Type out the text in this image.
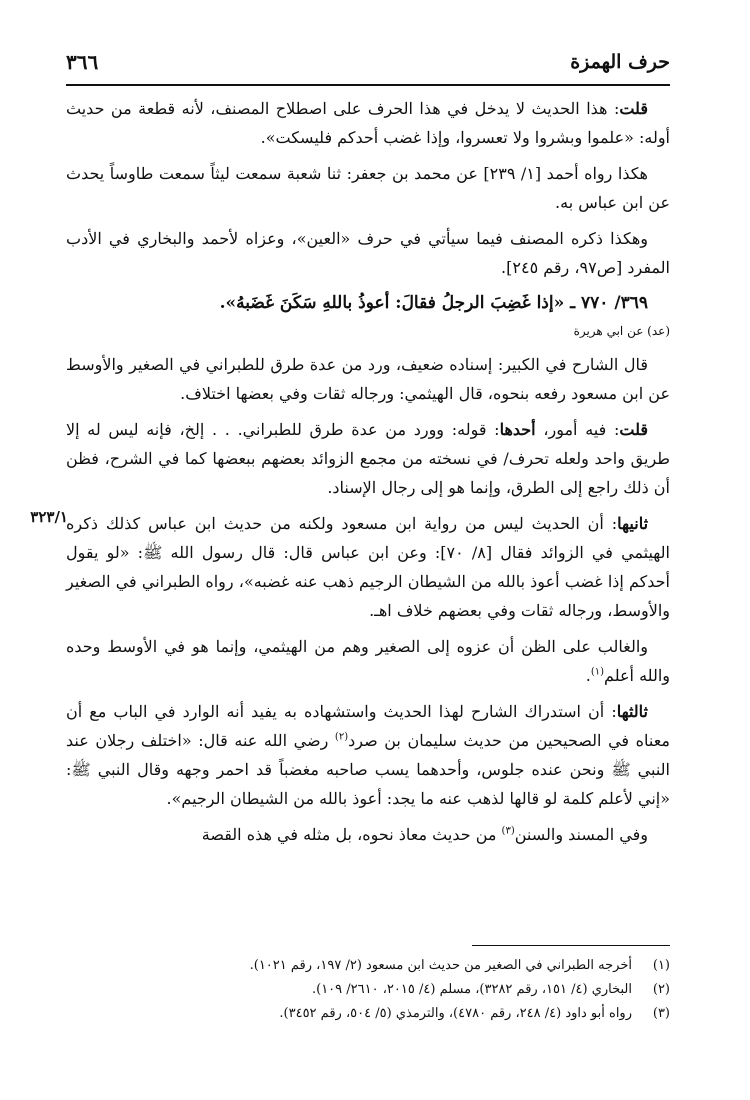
حرف الهمزة
٣٦٦
٣٢٣/١

قلت: هذا الحديث لا يدخل في هذا الحرف على اصطلاح المصنف، لأنه قطعة من حديث أوله: «علموا وبشروا ولا تعسروا، وإذا غضب أحدكم فليسكت».

هكذا رواه أحمد [١/ ٢٣٩] عن محمد بن جعفر: ثنا شعبة سمعت ليثاً سمعت طاوساً يحدث عن ابن عباس به.

وهكذا ذكره المصنف فيما سيأتي في حرف «العين»، وعزاه لأحمد والبخاري في الأدب المفرد [ص٩٧، رقم ٢٤٥].

٣٦٩/ ٧٧٠ ـ «إذا غَضِبَ الرجلُ فقالَ: أعوذُ باللهِ سَكَنَ غَضَبهُ».

(عد) عن ابي هريرة

قال الشارح في الكبير: إسناده ضعيف، ورد من عدة طرق للطبراني في الصغير والأوسط عن ابن مسعود رفعه بنحوه، قال الهيثمي: ورجاله ثقات وفي بعضها اختلاف.

قلت: فيه أمور، أحدها: قوله: وورد من عدة طرق للطبراني. . . إلخ، فإنه ليس له إلا طريق واحد ولعله تحرف/ في نسخته من مجمع الزوائد بعضهم ببعضها كما في الشرح، فظن أن ذلك راجع إلى الطرق، وإنما هو إلى رجال الإسناد.

ثانيها: أن الحديث ليس من رواية ابن مسعود ولكنه من حديث ابن عباس كذلك ذكره الهيثمي في الزوائد فقال [٨/ ٧٠]: وعن ابن عباس قال: قال رسول الله ﷺ: «لو يقول أحدكم إذا غضب أعوذ بالله من الشيطان الرجيم ذهب عنه غضبه»، رواه الطبراني في الصغير والأوسط، ورجاله ثقات وفي بعضهم خلاف اهـ.

والغالب على الظن أن عزوه إلى الصغير وهم من الهيثمي، وإنما هو في الأوسط وحده والله أعلم$^{(١)}$.

ثالثها: أن استدراك الشارح لهذا الحديث واستشهاده به يفيد أنه الوارد في الباب مع أن معناه في الصحيحين من حديث سليمان بن صرد$^{(٢)}$ رضي الله عنه قال: «اختلف رجلان عند النبي ﷺ ونحن عنده جلوس، وأحدهما يسب صاحبه مغضباً قد احمر وجهه وقال النبي ﷺ: «إني لأعلم كلمة لو قالها لذهب عنه ما يجد: أعوذ بالله من الشيطان الرجيم».

وفي المسند والسنن$^{(٣)}$ من حديث معاذ نحوه، بل مثله في هذه القصة

(١)
أخرجه الطبراني في الصغير من حديث ابن مسعود (٢/ ١٩٧، رقم ١٠٢١).
(٢)
البخاري (٤/ ١٥١، رقم ٣٢٨٢)، مسلم (٤/ ٢٠١٥، ٢٦١٠/ ١٠٩).
(٣)
رواه أبو داود (٤/ ٢٤٨، رقم ٤٧٨٠)، والترمذي (٥/ ٥٠٤، رقم ٣٤٥٢).
